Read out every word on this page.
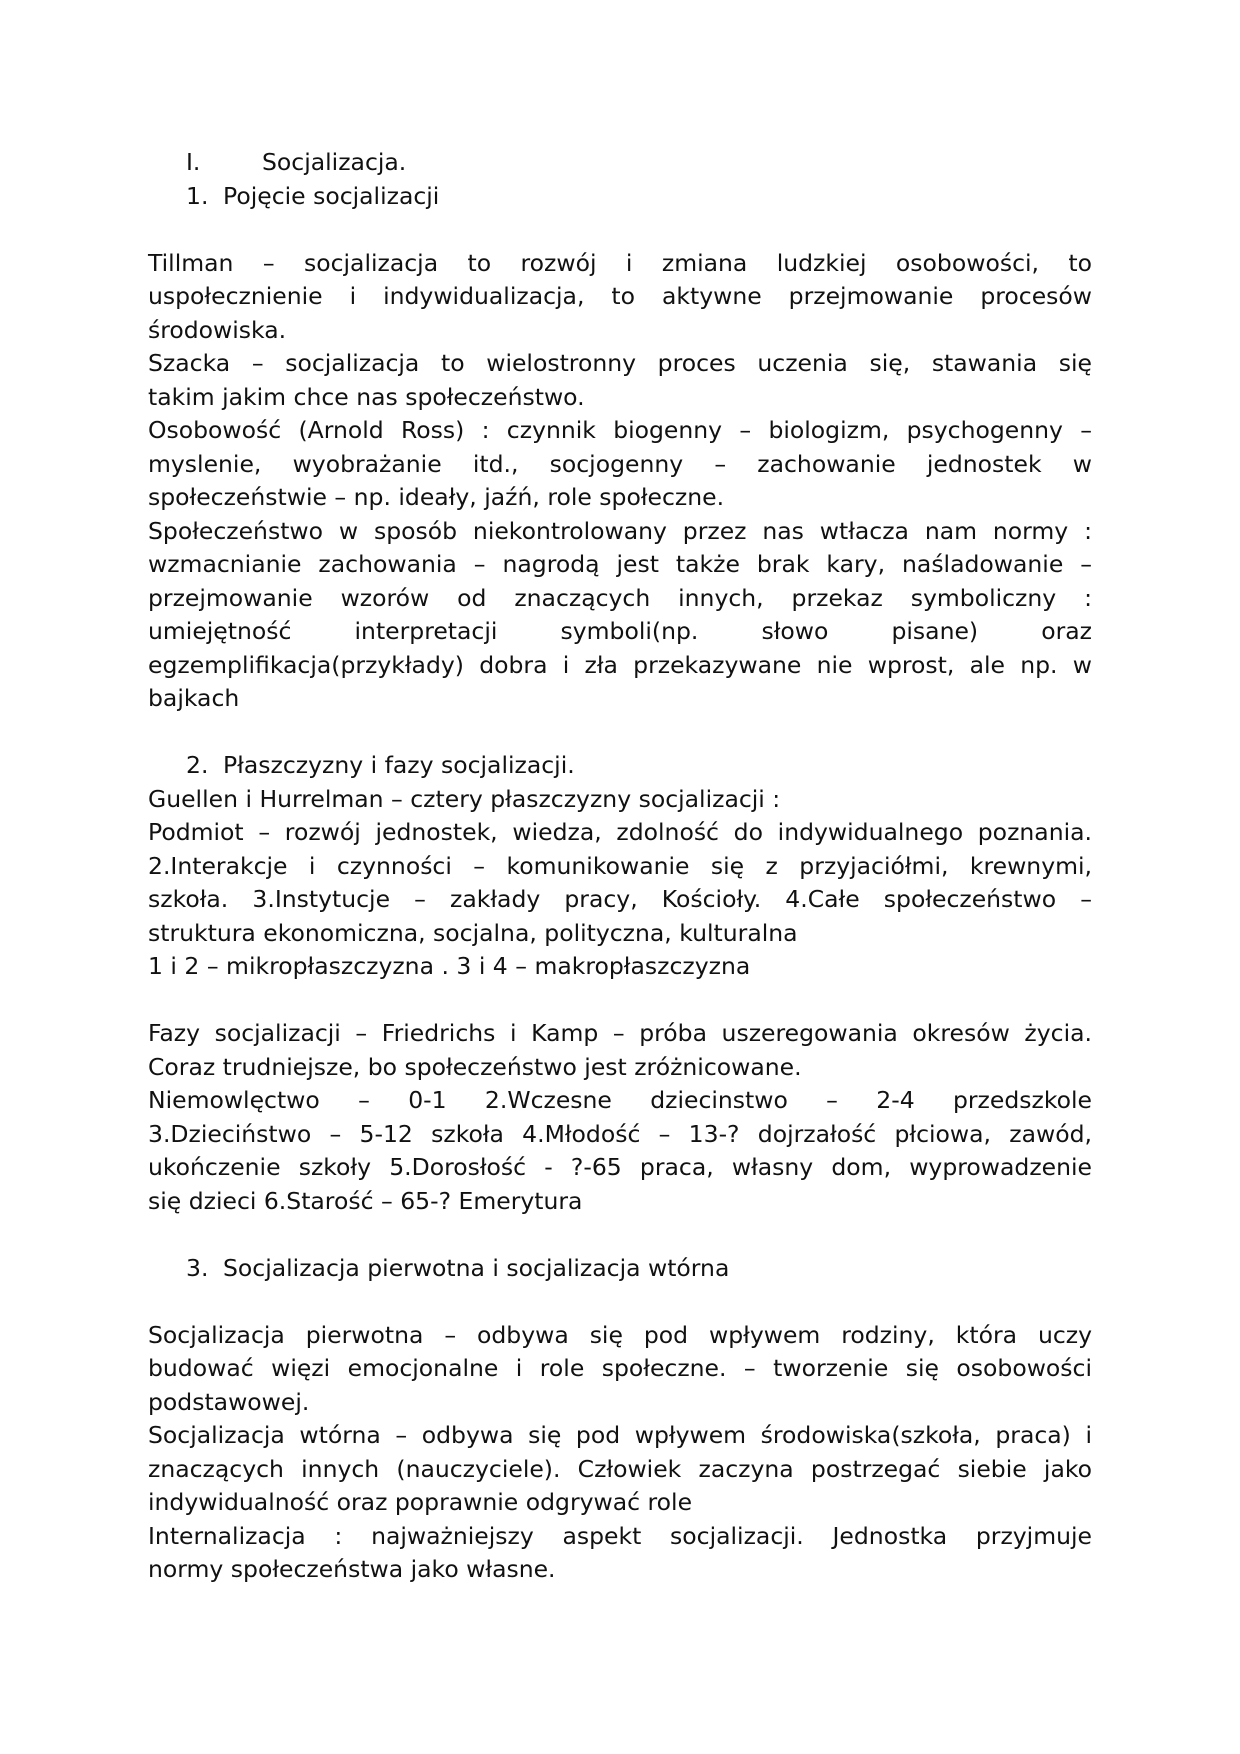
I.	Socjalizacja.
1. Pojęcie socjalizacji
Tillman – socjalizacja to rozwój i zmiana ludzkiej osobowości, to
uspołecznienie i indywidualizacja, to aktywne przejmowanie procesów
środowiska.
Szacka – socjalizacja to wielostronny proces uczenia się, stawania się
takim jakim chce nas społeczeństwo.
Osobowość (Arnold Ross) : czynnik biogenny – biologizm, psychogenny –
myslenie, wyobrażanie itd., socjogenny – zachowanie jednostek w
społeczeństwie – np. ideały, jaźń, role społeczne.
Społeczeństwo w sposób niekontrolowany przez nas wtłacza nam normy :
wzmacnianie zachowania – nagrodą jest także brak kary, naśladowanie –
przejmowanie wzorów od znaczących innych, przekaz symboliczny :
umiejętność interpretacji symboli(np. słowo pisane) oraz
egzemplifikacja(przykłady) dobra i zła przekazywane nie wprost, ale np. w
bajkach
2. Płaszczyzny i fazy socjalizacji.
Guellen i Hurrelman – cztery płaszczyzny socjalizacji :
Podmiot – rozwój jednostek, wiedza, zdolność do indywidualnego poznania.
2.Interakcje i czynności – komunikowanie się z przyjaciółmi, krewnymi,
szkoła. 3.Instytucje – zakłady pracy, Kościoły. 4.Całe społeczeństwo –
struktura ekonomiczna, socjalna, polityczna, kulturalna
1 i 2 – mikropłaszczyzna . 3 i 4 – makropłaszczyzna
Fazy socjalizacji – Friedrichs i Kamp – próba uszeregowania okresów życia.
Coraz trudniejsze, bo społeczeństwo jest zróżnicowane.
Niemowlęctwo – 0-1 2.Wczesne dziecinstwo – 2-4 przedszkole
3.Dzieciństwo – 5-12 szkoła 4.Młodość – 13-? dojrzałość płciowa, zawód,
ukończenie szkoły 5.Dorosłość - ?-65 praca, własny dom, wyprowadzenie
się dzieci 6.Starość – 65-? Emerytura
3. Socjalizacja pierwotna i socjalizacja wtórna
Socjalizacja pierwotna – odbywa się pod wpływem rodziny, która uczy
budować więzi emocjonalne i role społeczne. – tworzenie się osobowości
podstawowej.
Socjalizacja wtórna – odbywa się pod wpływem środowiska(szkoła, praca) i
znaczących innych (nauczyciele). Człowiek zaczyna postrzegać siebie jako
indywidualność oraz poprawnie odgrywać role
Internalizacja : najważniejszy aspekt socjalizacji. Jednostka przyjmuje
normy społeczeństwa jako własne.
